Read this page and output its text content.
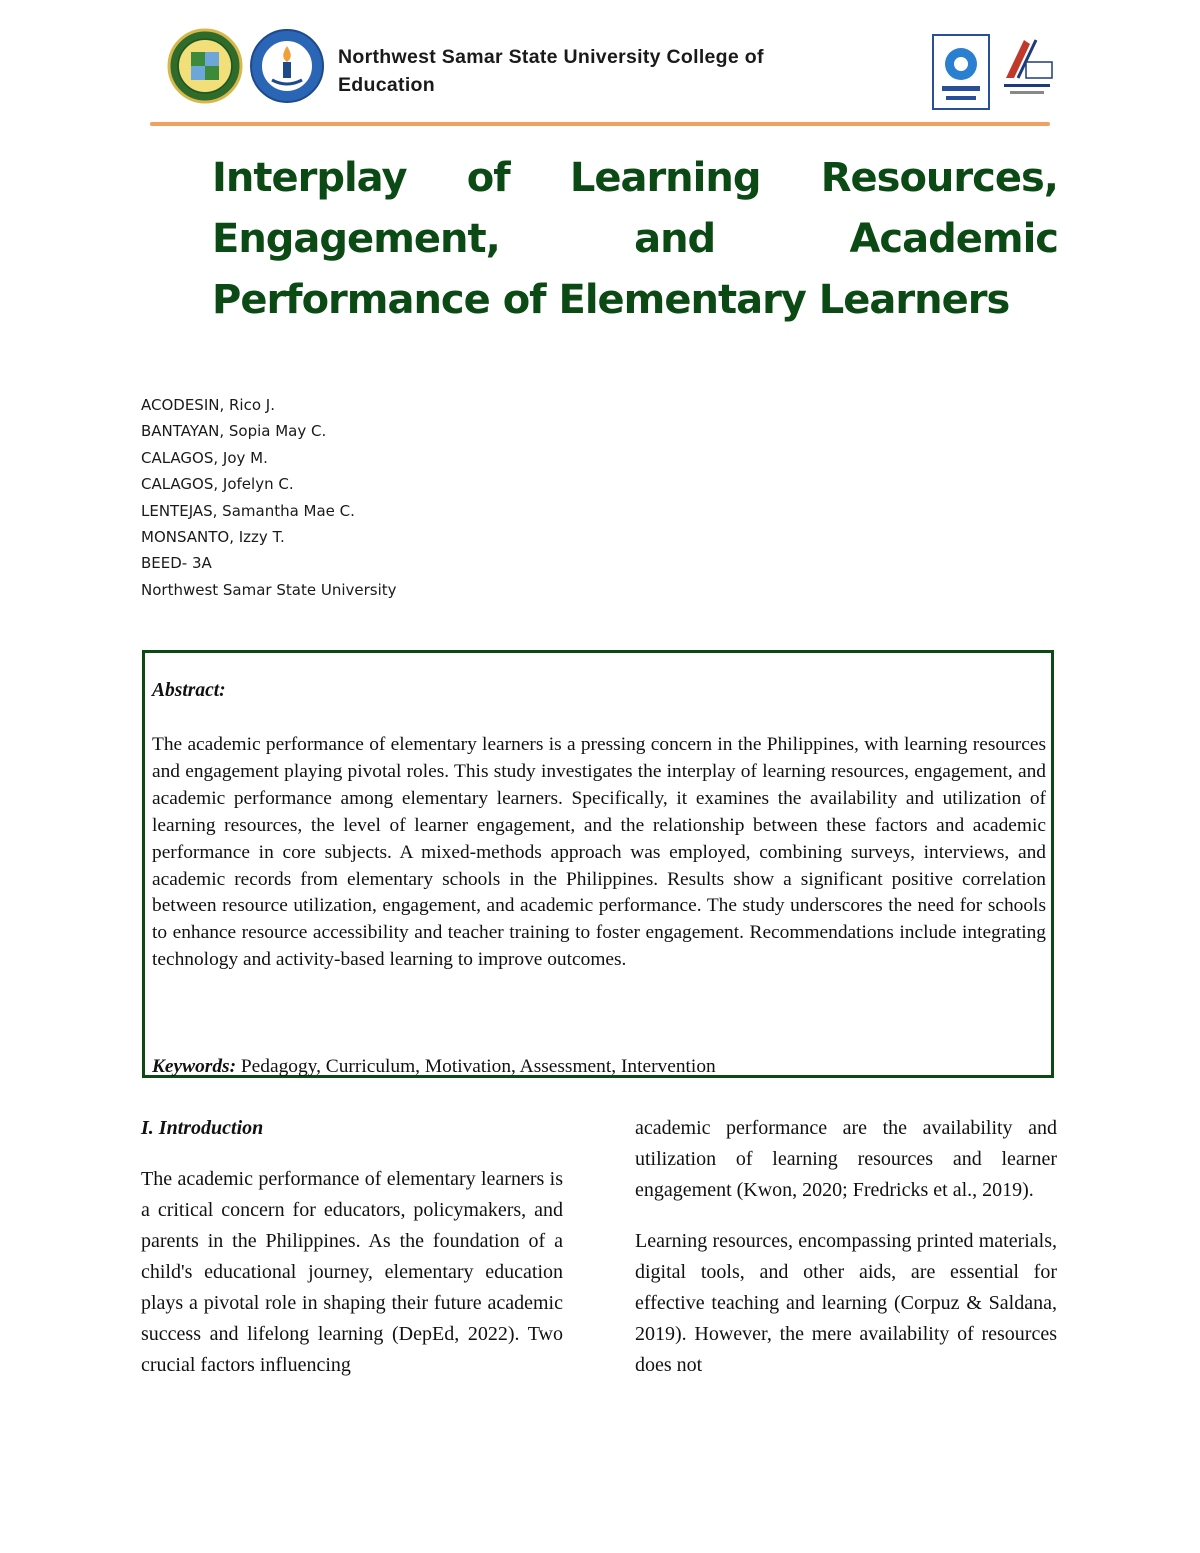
Northwest Samar State University College of Education
Interplay of Learning Resources,
Engagement,	and	Academic
Performance of Elementary Learners
ACODESIN, Rico J.
BANTAYAN, Sopia May C.
CALAGOS, Joy M.
CALAGOS, Jofelyn C.
LENTEJAS, Samantha Mae C.
MONSANTO, Izzy T.
BEED- 3A
Northwest Samar State University
Abstract:
The academic performance of elementary learners is a pressing concern in the Philippines, with learning resources and engagement playing pivotal roles. This study investigates the interplay of learning resources, engagement, and academic performance among elementary learners. Specifically, it examines the availability and utilization of learning resources, the level of learner engagement, and the relationship between these factors and academic performance in core subjects. A mixed-methods approach was employed, combining surveys, interviews, and academic records from elementary schools in the Philippines. Results show a significant positive correlation between resource utilization, engagement, and academic performance. The study underscores the need for schools to enhance resource accessibility and teacher training to foster engagement. Recommendations include integrating technology and activity-based learning to improve outcomes.
Keywords: Pedagogy, Curriculum, Motivation, Assessment, Intervention
I. Introduction
The academic performance of elementary learners is a critical concern for educators, policymakers, and parents in the Philippines. As the foundation of a child's educational journey, elementary education plays a pivotal role in shaping their future academic success and lifelong learning (DepEd, 2022). Two crucial factors influencing

academic performance are the availability and utilization of learning resources and learner engagement (Kwon, 2020; Fredricks et al., 2019).

Learning resources, encompassing printed materials, digital tools, and other aids, are essential for effective teaching and learning (Corpuz & Saldana, 2019). However, the mere availability of resources does not
